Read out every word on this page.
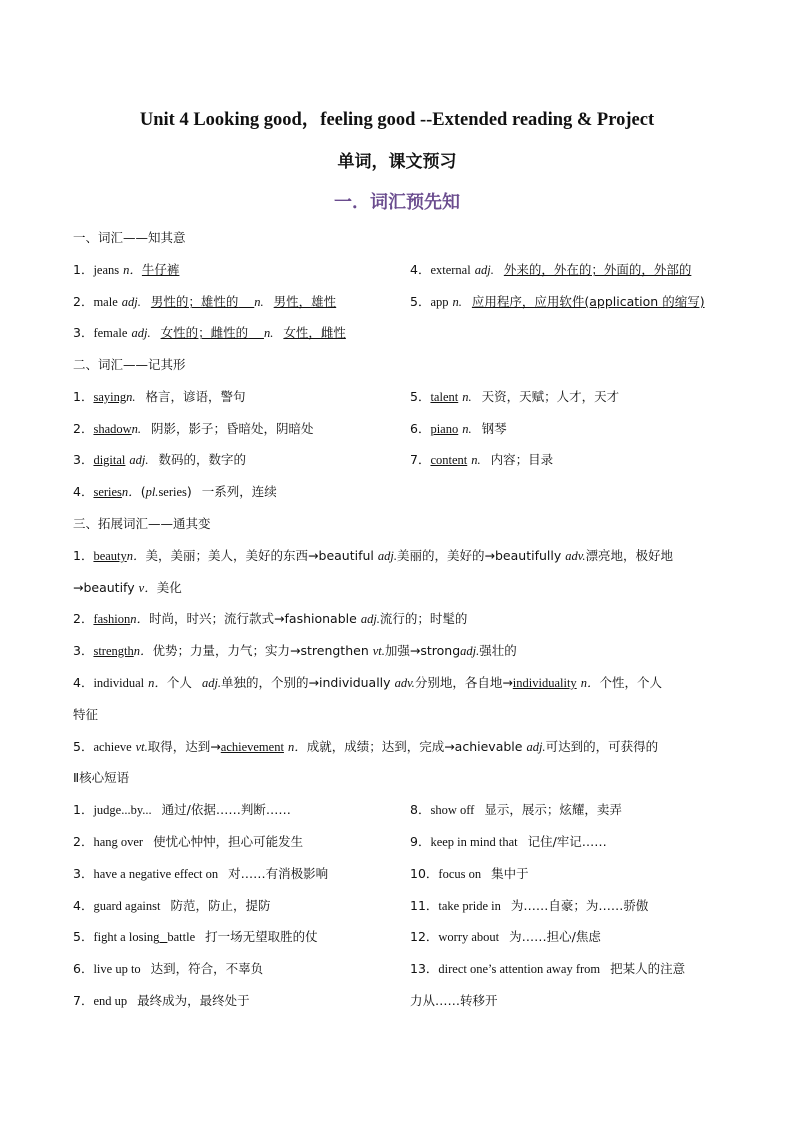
Unit 4 Looking good，feeling good --Extended reading & Project
单词，课文预习
一．词汇预先知
一、词汇——知其意
1．jeans n．牛仔裤
2．male adj. 男性的；雄性的 n. 男性，雄性
3．female adj. 女性的；雌性的 n. 女性，雌性
4．external adj. 外来的，外在的；外面的，外部的
5．app n. 应用程序，应用软件(application 的缩写)
二、词汇——记其形
1．sayingn. 格言，谚语，警句
2．shadown. 阴影，影子；昏暗处，阴暗处
3．digital adj. 数码的，数字的
4．seriesn．(pl.series) 一系列，连续
5．talent n. 天资，天赋；人才，天才
6．piano n. 钢琴
7．content n. 内容；目录
三、拓展词汇——通其变
1．beautyn．美，美丽；美人，美好的东西→beautiful adj.美丽的，美好的→beautifully adv.漂亮地，极好地
→beautify v．美化
2．fashionn．时尚，时兴；流行款式→fashionable adj.流行的；时髦的
3．strengthn．优势；力量，力气；实力→strengthen vt.加强→strongadj.强壮的
4．individual n．个人 adj.单独的，个别的→individually adv.分别地，各自地→individuality n．个性，个人
特征
5．achieve vt.取得，达到→achievement n．成就，成绩；达到，完成→achievable adj.可达到的，可获得的
Ⅱ核心短语
1．judge...by... 通过/依据……判断……
2．hang over 使忧心忡忡，担心可能发生
3．have a negative effect on 对……有消极影响
4．guard against 防范，防止，提防
5．fight a losing battle 打一场无望取胜的仗
6．live up to 达到，符合，不辜负
7．end up 最终成为，最终处于
8．show off 显示，展示；炫耀，卖弄
9．keep in mind that 记住/牢记……
10．focus on 集中于
11．take pride in 为……自豪；为……骄傲
12．worry about 为……担心/焦虑
13．direct one’s attention away from 把某人的注意
力从……转移开
